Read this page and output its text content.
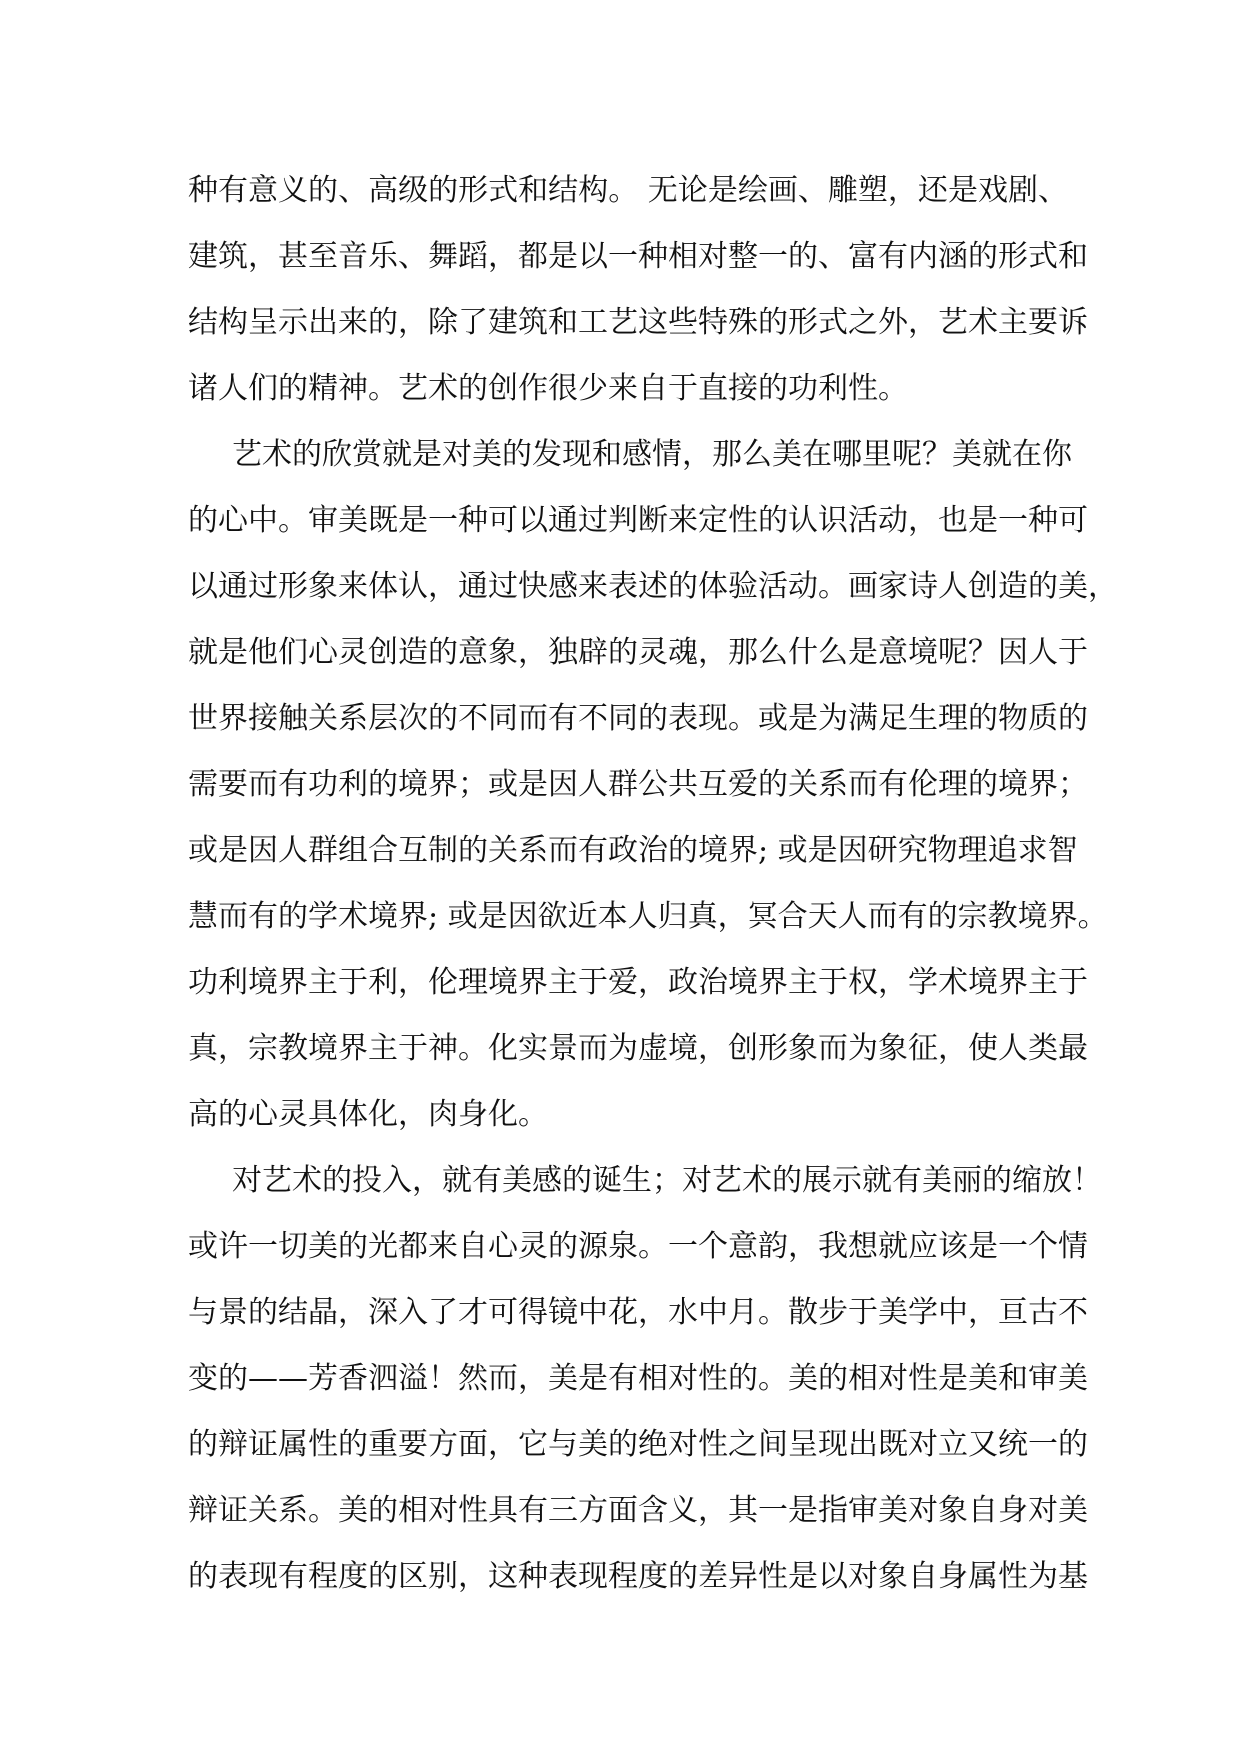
种有意义的、高级的形式和结构。 无论是绘画、雕塑，还是戏剧、
建筑，甚至音乐、舞蹈，都是以一种相对整一的、富有内涵的形式和
结构呈示出来的，除了建筑和工艺这些特殊的形式之外，艺术主要诉
诸人们的精神。艺术的创作很少来自于直接的功利性。
艺术的欣赏就是对美的发现和感情，那么美在哪里呢？美就在你
的心中。审美既是一种可以通过判断来定性的认识活动，也是一种可
以通过形象来体认，通过快感来表述的体验活动。画家诗人创造的美，
就是他们心灵创造的意象，独辟的灵魂，那么什么是意境呢？因人于
世界接触关系层次的不同而有不同的表现。或是为满足生理的物质的
需要而有功利的境界；或是因人群公共互爱的关系而有伦理的境界；
或是因人群组合互制的关系而有政治的境界; 或是因研究物理追求智
慧而有的学术境界; 或是因欲近本人归真，冥合天人而有的宗教境界。
功利境界主于利，伦理境界主于爱，政治境界主于权，学术境界主于
真，宗教境界主于神。化实景而为虚境，创形象而为象征，使人类最
高的心灵具体化，肉身化。
对艺术的投入，就有美感的诞生；对艺术的展示就有美丽的缩放！
或许一切美的光都来自心灵的源泉。一个意韵，我想就应该是一个情
与景的结晶，深入了才可得镜中花，水中月。散步于美学中，亘古不
变的——芳香泗溢！然而，美是有相对性的。美的相对性是美和审美
的辩证属性的重要方面，它与美的绝对性之间呈现出既对立又统一的
辩证关系。美的相对性具有三方面含义，其一是指审美对象自身对美
的表现有程度的区别，这种表现程度的差异性是以对象自身属性为基
